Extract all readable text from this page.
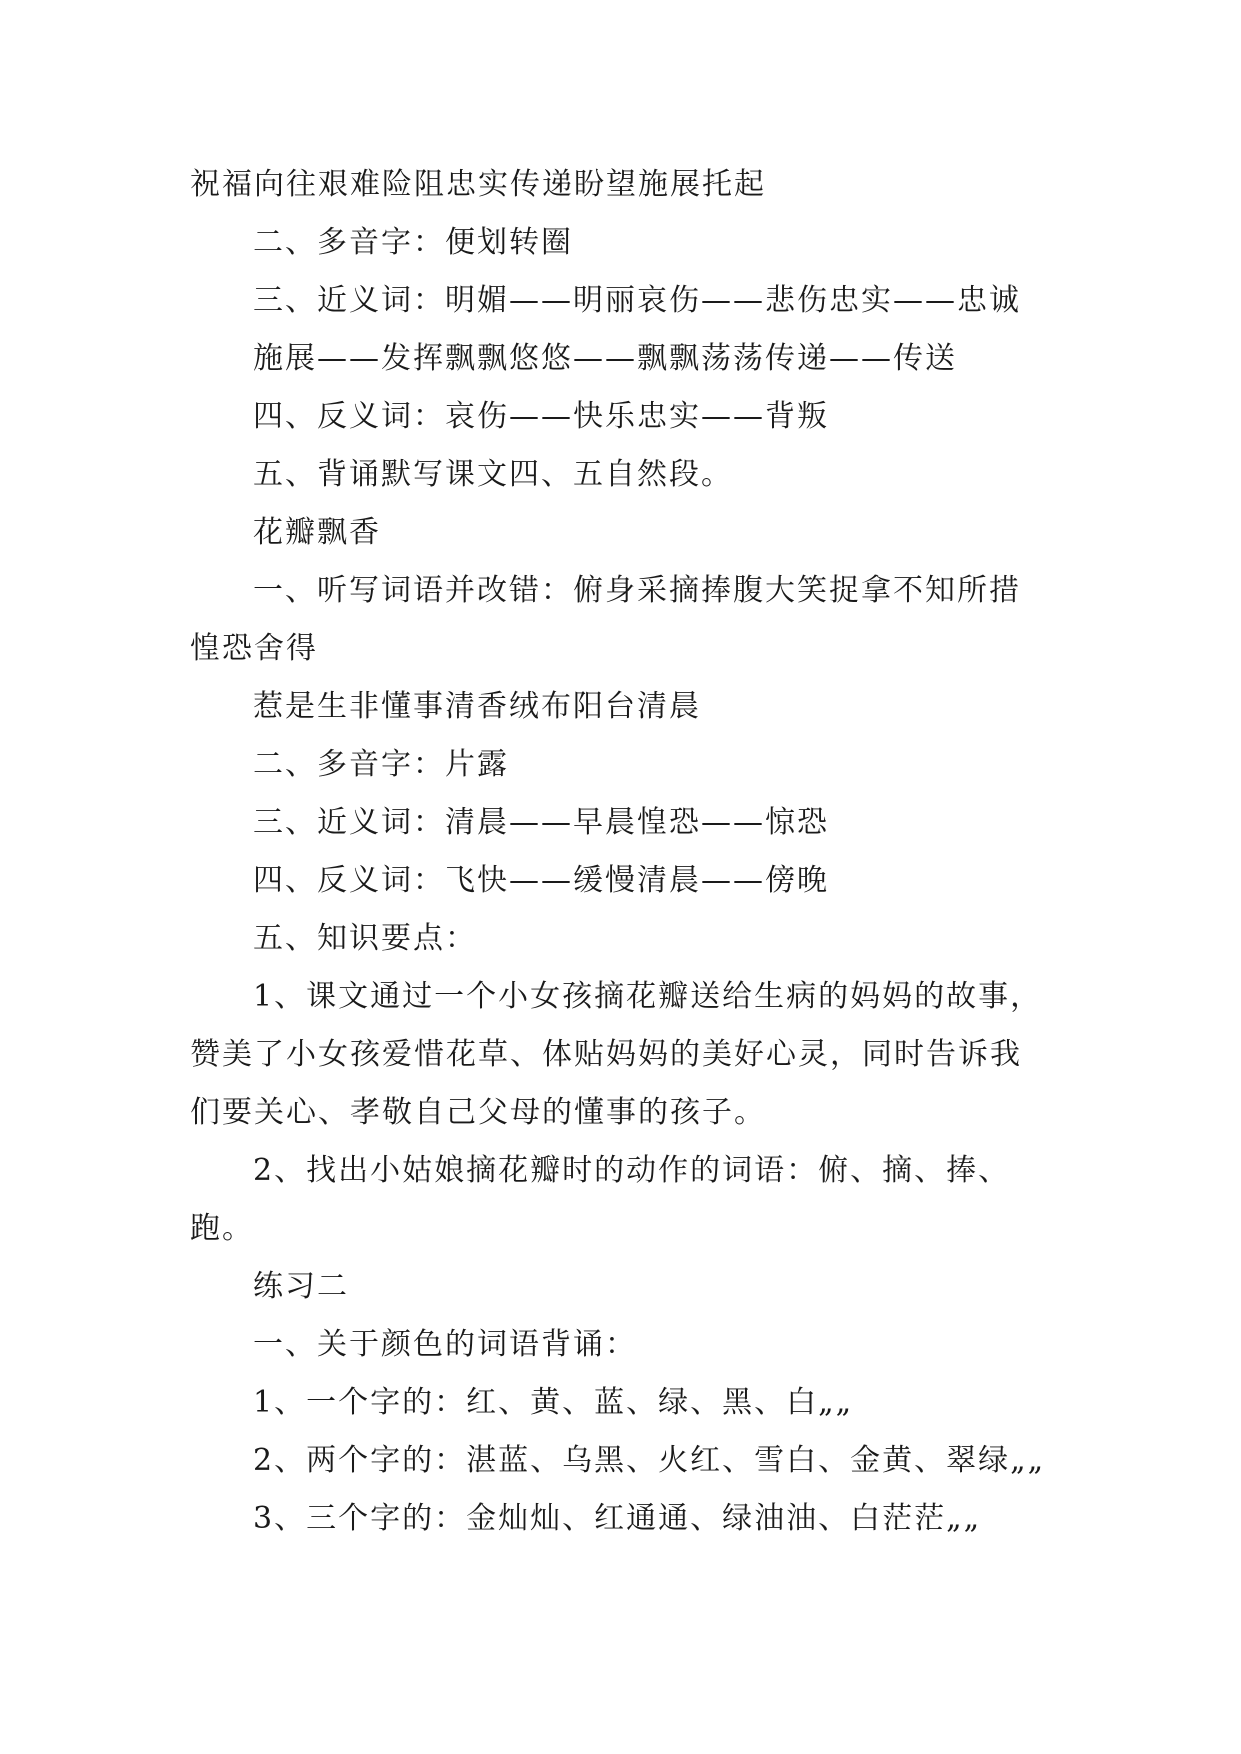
祝福向往艰难险阻忠实传递盼望施展托起

二、多音字：便划转圈

三、近义词：明媚——明丽哀伤——悲伤忠实——忠诚

施展——发挥飘飘悠悠——飘飘荡荡传递——传送

四、反义词：哀伤——快乐忠实——背叛

五、背诵默写课文四、五自然段。

花瓣飘香

一、听写词语并改错：俯身采摘捧腹大笑捉拿不知所措

惶恐舍得

惹是生非懂事清香绒布阳台清晨

二、多音字：片露

三、近义词：清晨——早晨惶恐——惊恐

四、反义词：飞快——缓慢清晨——傍晚

五、知识要点：

1、课文通过一个小女孩摘花瓣送给生病的妈妈的故事，

赞美了小女孩爱惜花草、体贴妈妈的美好心灵，同时告诉我

们要关心、孝敬自己父母的懂事的孩子。

2、找出小姑娘摘花瓣时的动作的词语：俯、摘、捧、

跑。

练习二

一、关于颜色的词语背诵：

1、一个字的：红、黄、蓝、绿、黑、白„„

2、两个字的：湛蓝、乌黑、火红、雪白、金黄、翠绿„„

3、三个字的：金灿灿、红通通、绿油油、白茫茫„„
